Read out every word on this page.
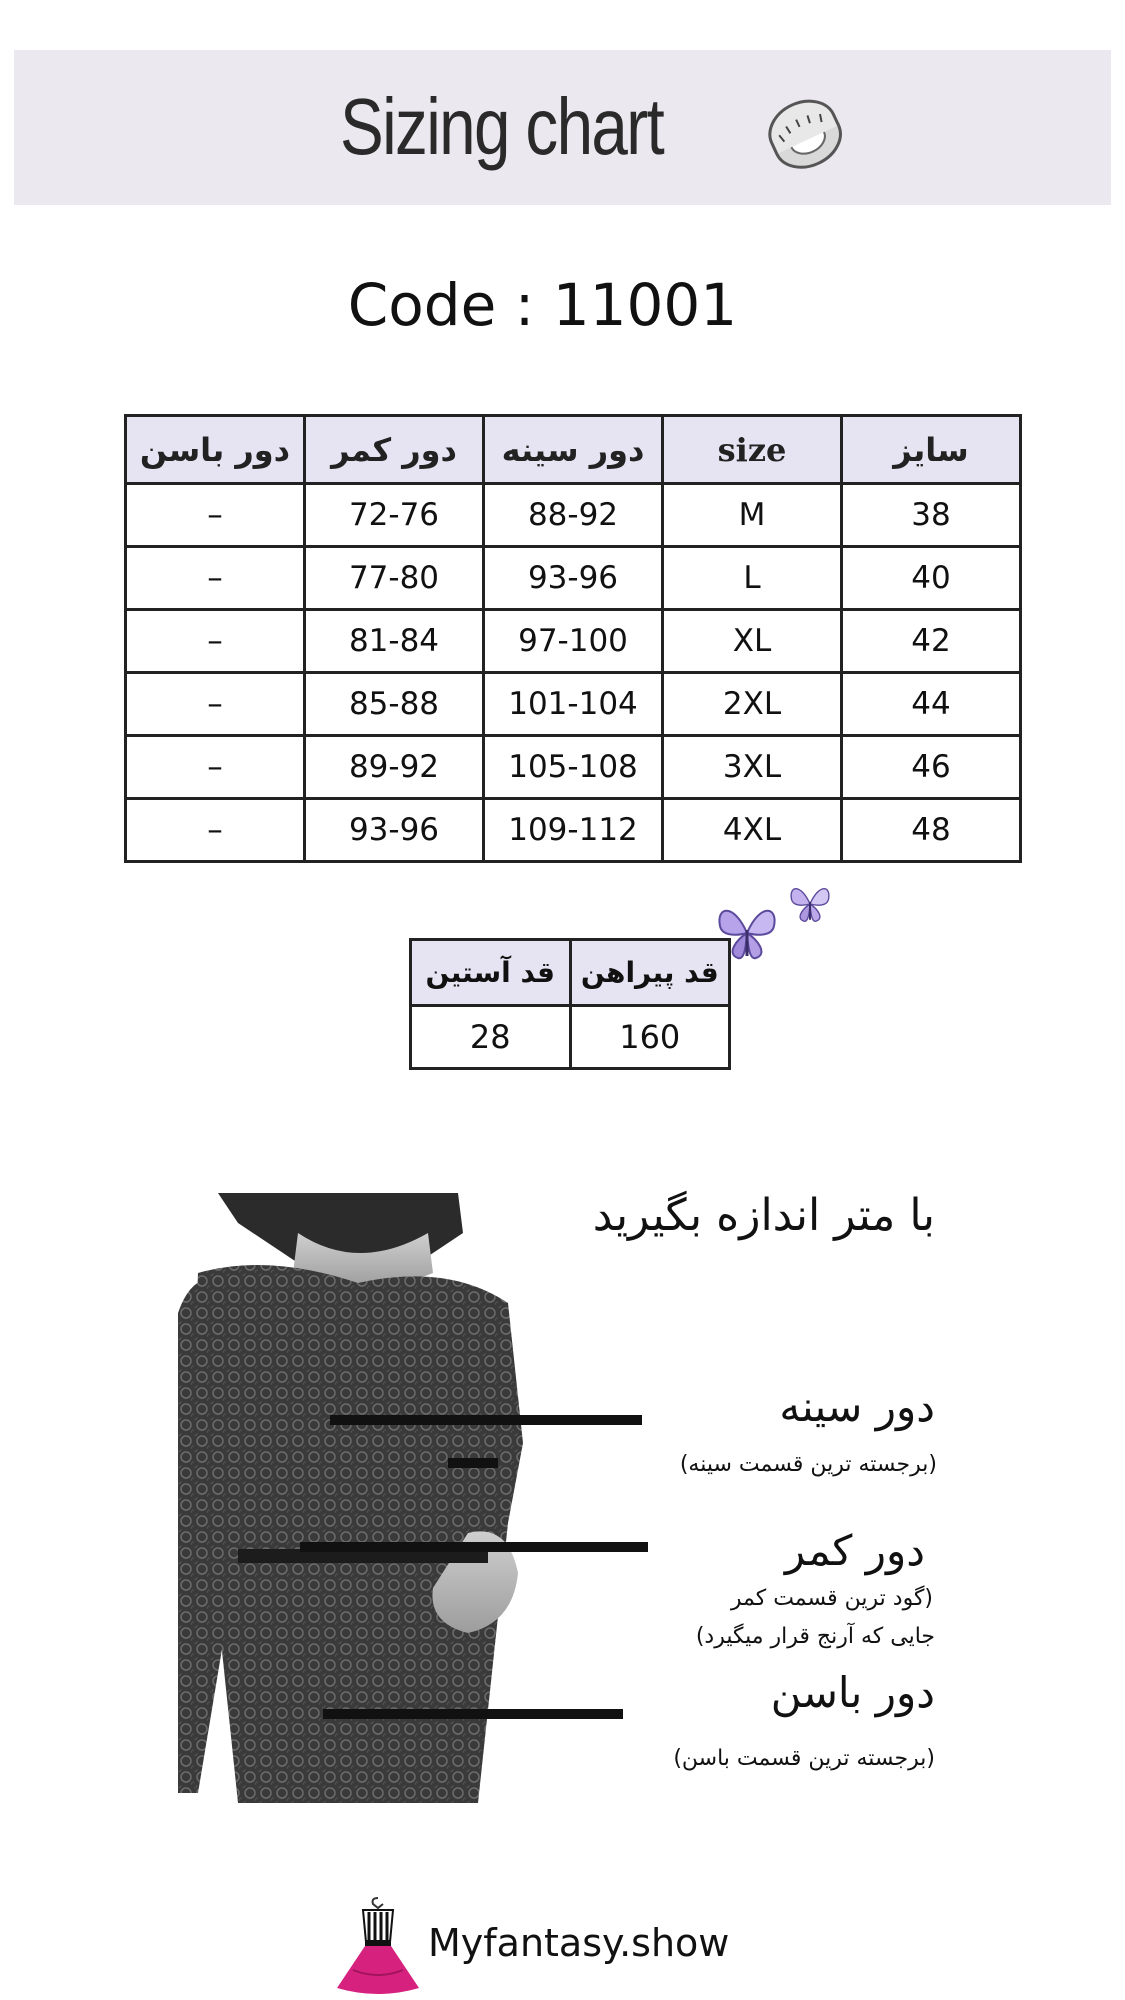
Sizing chart
Code : 11001
دور باسن	دور کمر	دور سینه	size	سایز
–	72-76	88-92	M	38
–	77-80	93-96	L	40
–	81-84	97-100	XL	42
–	85-88	101-104	2XL	44
–	89-92	105-108	3XL	46
–	93-96	109-112	4XL	48
قد آستین	قد پیراهن
28	160
با متر اندازه بگیرید
دور سینه
(برجسته ترین قسمت سینه)
دور کمر
(گود ترین قسمت کمر
جایی که آرنج قرار میگیرد)
دور باسن
(برجسته ترین قسمت باسن)
Myfantasy.show
